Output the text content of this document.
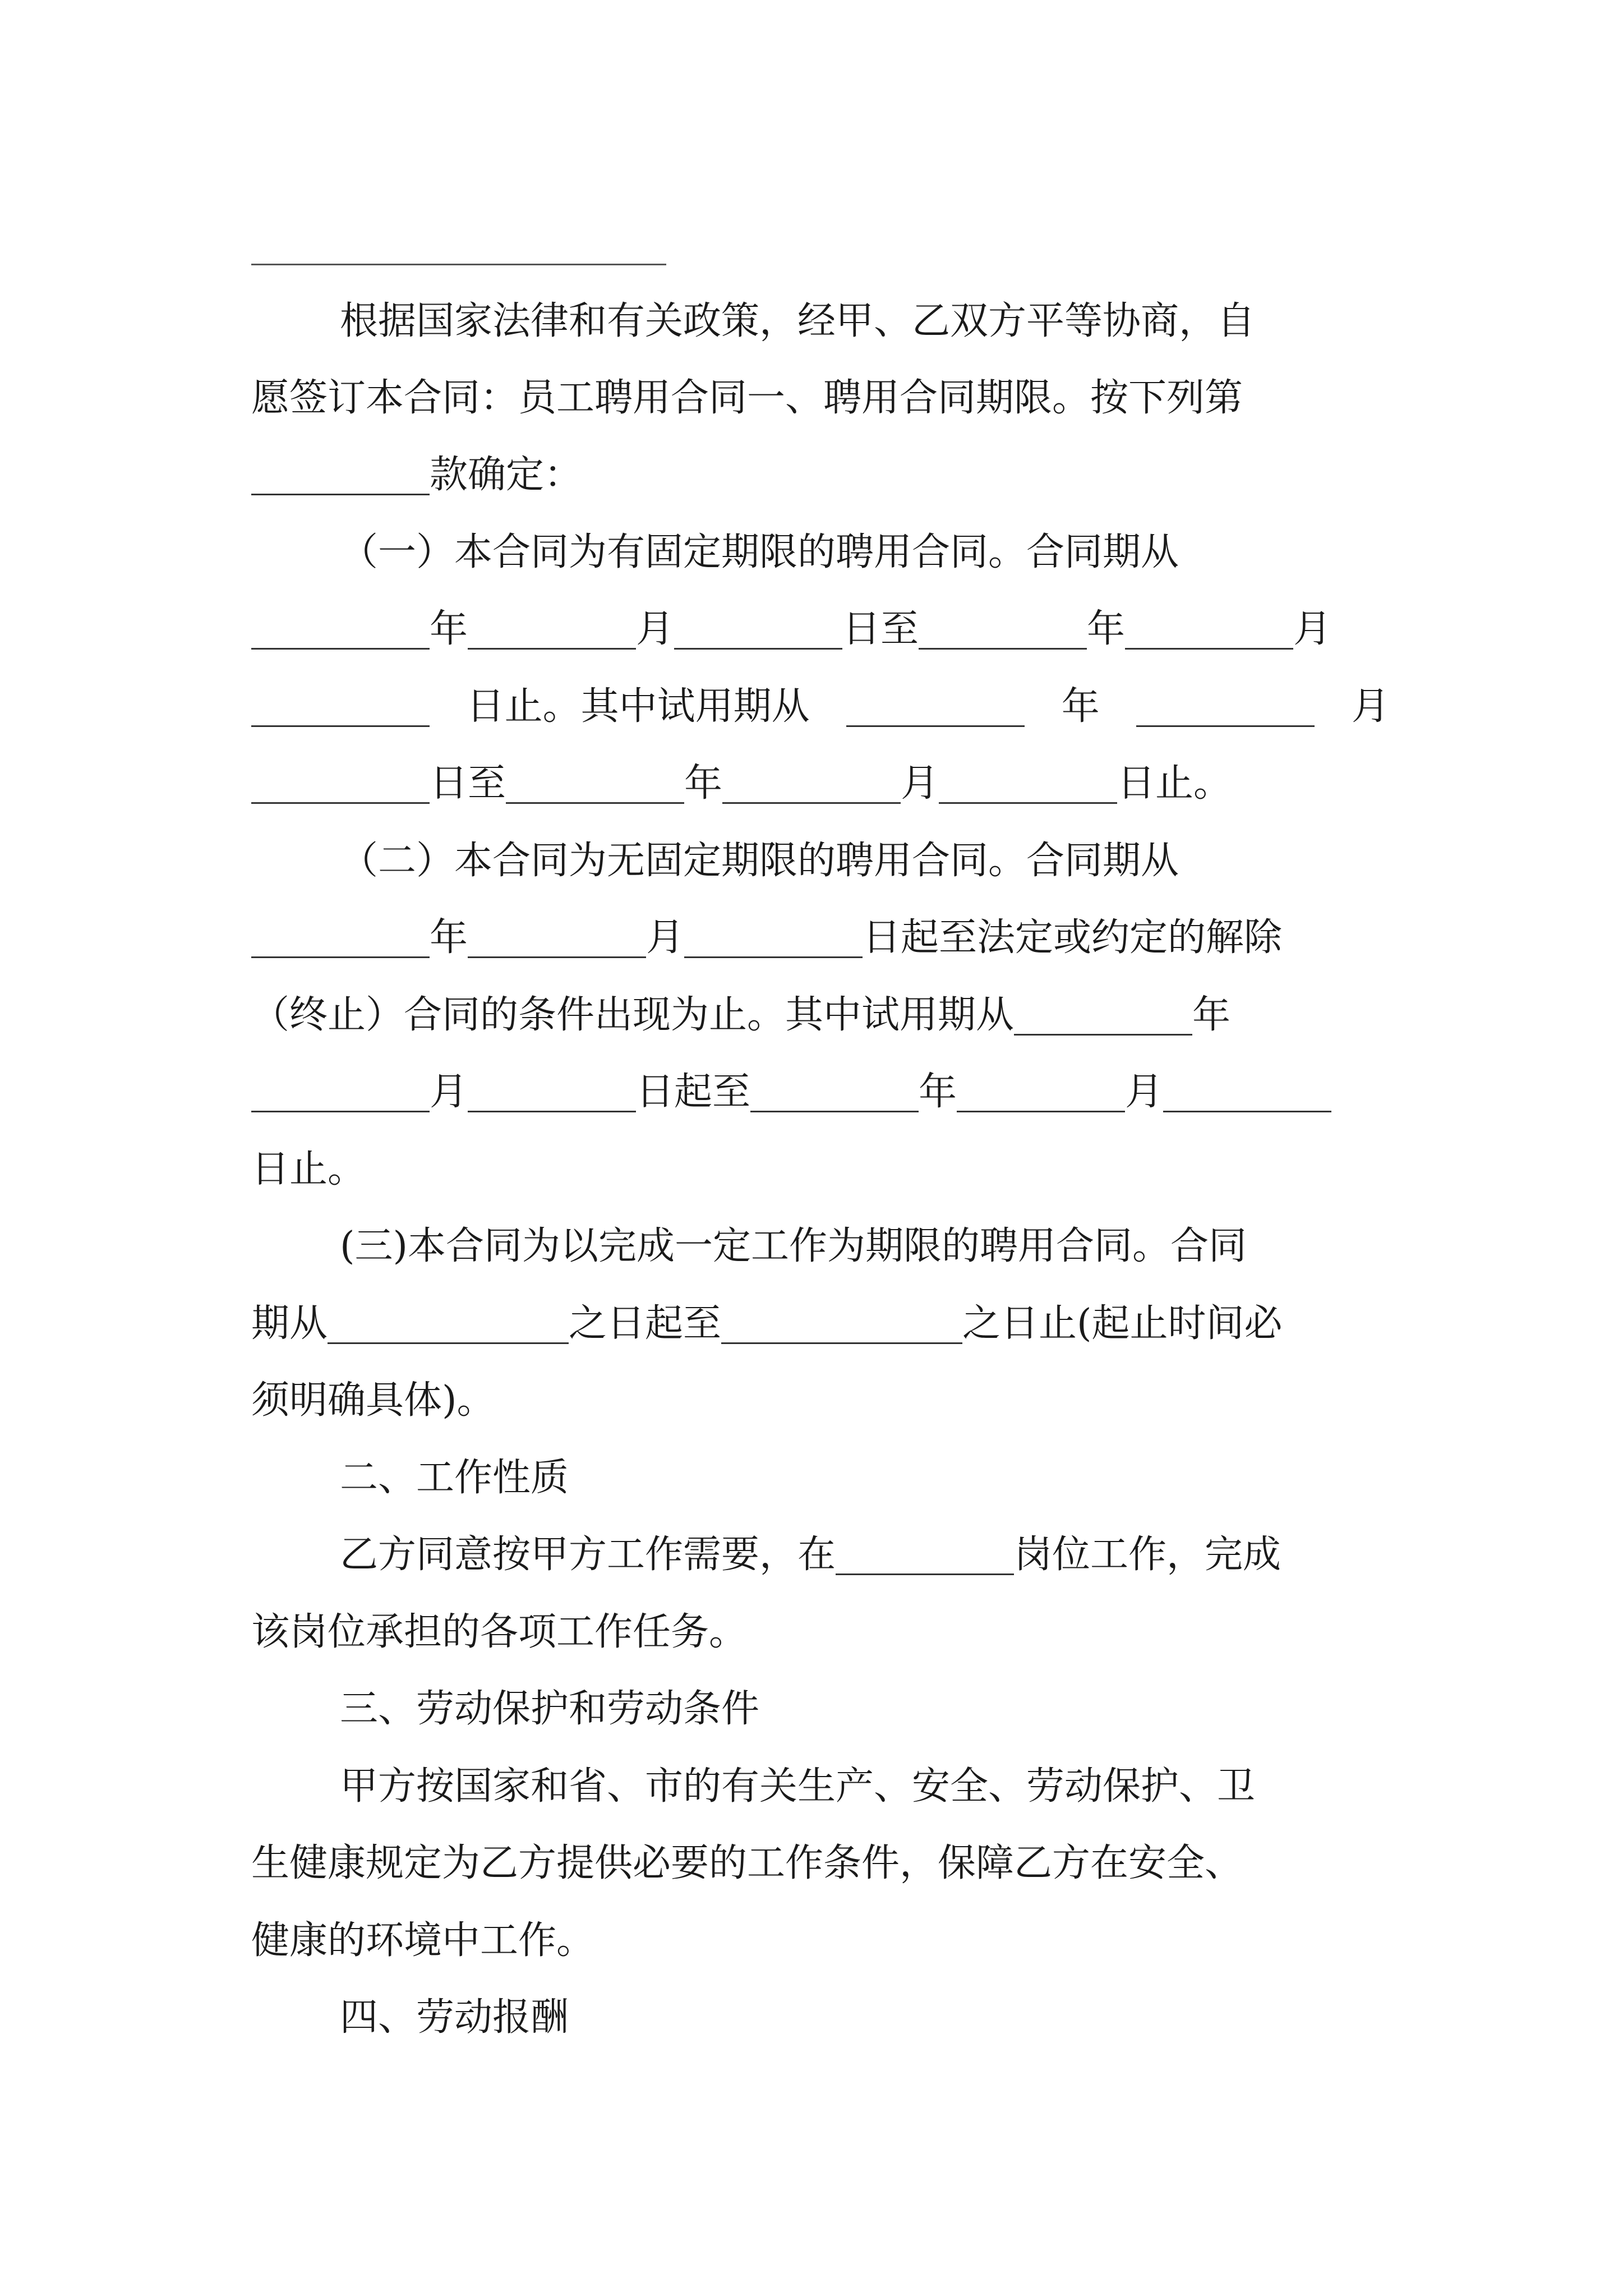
根据国家法律和有关政策，经甲、乙双方平等协商，自
愿签订本合同：员工聘用合同一、聘用合同期限。按下列第
款确定：
（一）本合同为有固定期限的聘用合同。合同期从
年	月	日至	年	月
日止。其中试用期从	年	月
日至	年	月	日止。
（二）本合同为无固定期限的聘用合同。合同期从
年	月	日起至法定或约定的解除
（终止）合同的条件出现为止。其中试用期从	年
月	日起至	年	月
日止。
(三)本合同为以完成一定工作为期限的聘用合同。合同
期从	之日起至	之日止(起止时间必
须明确具体)。
二、工作性质
乙方同意按甲方工作需要，在	岗位工作，完成
该岗位承担的各项工作任务。
三、劳动保护和劳动条件
甲方按国家和省、市的有关生产、安全、劳动保护、卫
生健康规定为乙方提供必要的工作条件，保障乙方在安全、
健康的环境中工作。
四、劳动报酬
